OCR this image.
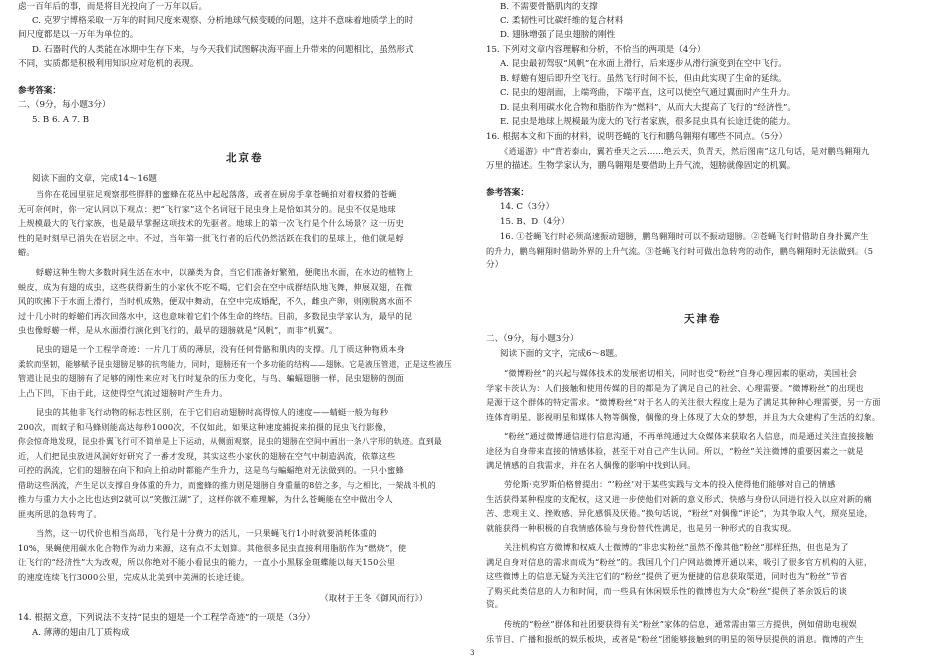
虑一百年后的事，而是将目光投向了一万年以后。
C. 克罗宁博格采取一万年的时间尺度来观察、分析地球气候变暖的问题，这并不意味着地质学上的时
间尺度都是以一万年为单位的。
D. 石器时代的人类能在冰期中生存下来，与今天我们试图解决海平面上升带来的问题相比，虽然形式
不同，实质都是积极利用知识应对危机的表现。
参考答案：
二、（9分，每小题3分）
5. B 6. A 7. B
北京卷
阅读下面的文章，完成14～16题
当你在花园里驻足观察那些胖胖的蜜蜂在花丛中起起落落，或者在厨房手拿苍蝇拍对着权猾的苍蝇
无可奈何时，你一定认同以下观点：把“飞行家”这个名词冠于昆虫身上是恰如其分的。昆虫不仅是地球
上规模最大的飞行家族，也是最早掌握这项技术的先驱者。地球上的第一次飞行是个什么场景？这一历史
性的是时刻早已消失在岩层之中。不过，当年第一批飞行者的后代仍然活跃在我们的星球上，他们就是蜉
蝣。
蜉蝣这种生物大多数时间生活在水中，以藻类为食，当它们准备好繁殖，便爬出水面，在水边的植物上
蜕皮，成为有翅的成虫，这些获得新生的小家伙不吃不喝，它们会在空中成群结队地飞舞，伸展双翅，在微
风的吹拂下于水面上滑行，当时机成熟，便双中舞动，在空中完成婚配，不久，雌虫产卵，则刚脱离水面不
过十几小时的蜉蝣们再次回落水中，这也意味着它们个体生命的终结。目前，多数昆虫学家认为，最早的昆
虫也像蜉蝣一样，是从水面滑行演化到飞行的，最早的翅膀就是“风帆”，而非“机翼”。
昆虫的翅是一个工程学奇迹：一片几丁质的薄层，没有任何骨骼和肌肉的支撑。几丁质这种物质本身
柔软而坚韧，能够赋予昆虫翅膀足够的抗弯能力，同时，翅膀还有一个多功能的结构——翅脉。它是液压管道，正是这些液压
管道让昆虫的翅膀有了足够的刚性来应对飞行时复杂的压力变化，与鸟、蝙蝠翅膀一样，昆虫翅膀的剖面
上凸下凹，下由于此，这使得空气流过翅膀时产生升力。
昆虫的其他非飞行动物的标志性区别，在于它们启动翅膀时高得惊人的速度——蜻蜓一般为每秒
200次，而蚊子和马蜂则能高达每秒1000次，不仅如此，如果这种速度捕捉来拍摄的昆虫飞行影像，
你会惊奇地发现，昆虫扑翼飞行可不简单是上下运动，从侧面观察，昆虫的翅膀在空间中画出一条八字形的轨迹。直到最
近，人们把昆虫放进风洞好好研究了一番才发现，其实这些小家伙的翅膀在空气中制造涡流，依靠这些
可控的涡流，它们的翅膀在向下和向上拍动时都能产生升力，这是鸟与蝙蝠绝对无法做到的。一只小蜜蜂
借助这些涡流，产生足以支撑自身体重的升力，而蜜蜂的推力则是翅膀自身重量的8倍之多，与之相比，一架战斗机的
推力与重力大小之比也达到2就可以“笑傲江湖”了，这样你就不难理解，为什么苍蝇能在空中做出令人
匪夷所思的急转弯了。
当然，这一切代价也相当高昂，飞行是十分费力的活儿，一只果蝇飞行1小时就要消耗体重的
10%，果蝇使用碳水化合物作为动力来源，这有点不太划算。其他很多昆虫直接利用脂肪作为“燃烧”，使
让飞行的“经济性”大为改观，所以你绝对不能小看昆虫的能力，一直小小黑豚金斑蝶能以每天150公里
的速度连续飞行3000公里，完成从北美到中美洲的长途迁徙。
（取材于王冬《御风而行》）
14. 根据文意，下列说法不支持“昆虫的翅是一个工程学奇迹”的一项是（3分）
A. 薄薄的翅由几丁质构成
B. 不需要骨骼肌肉的支撑
C. 柔韧性可比碳纤维的复合材料
D. 翅脉增强了昆虫翅膀的刚性
15. 下列对文章内容理解和分析，不恰当的两项是（4分）
A. 昆虫最初驾驭“风帆”在水面上滑行，后来逐步从滑行演变到在空中飞行。
B. 蜉蝣有翅后即升空飞行。虽然飞行时间不长，但由此实现了生命的延续。
C. 昆虫的翅剖面，上端弯曲，下端平直，这可以使空气通过翼面时产生升力。
D. 昆虫利用碳水化合物和脂肪作为“燃料”，从而大大提高了飞行的“经济性”。
E. 昆虫是地球上规模最为庞大的飞行者家族，很多昆虫具有长途迁徙的能力。
16. 根据本文和下面的材料，说明苍蝇的飞行和鹏鸟翱翔有哪些不同点。（5分）
《逍遥游》中“背若泰山，翼若垂天之云……绝云天，负青天，然后图南”这几句话，是对鹏鸟翱翔九
万里的描述。生物学家认为，鹏鸟翱翔是要借助上升气流，翅膀就像固定的机翼。
参考答案：
14. C（3分）
15. B、D（4分）
16. ①苍蝇飞行时必须高速振动翅膀，鹏鸟翱翔时可以不振动翅膀。②苍蝇飞行时借助自身扑翼产生
的升力，鹏鸟翱翔时借助外界的上升气流。③苍蝇飞行时可做出急转弯的动作，鹏鸟翱翔时无法做到。（5
分）
天津卷
二、（9分，每小题3分）
阅读下面的文字，完成6～8题。
“微博粉丝”的兴起与媒体技术的发展密切相关，同时也受“粉丝”自身心理因素的驱动，美国社会
学家卡茨认为：人们接触和使用传媒的目的都是为了满足自己的社会、心理需要。“微博粉丝”的出现也
是源于这个群体的特定需求。“微博粉丝”对于名人的关注很大程度上是为了满足其种种心理需要，另一方面
连体育明星、影视明星和媒体人物等偶像，偶像的身上体现了大众的梦想，并且为大众建构了生活的幻象。
“粉丝”通过微博通信进行信息沟通，不再单纯通过大众媒体来获取名人信息，而是通过关注直接接触
途径为自身带来直接的情感体验，甚至于对自己产生认同。所以，“粉丝”关注微博的重要因素之一就是
满足情感的自我需求，并在名人偶像的影响中找到认同。
劳伦斯·克罗斯伯格曾提出：“‘粉丝’对于某些实践与文本的投入使得他们能够对自己的情感
生活获得某种程度的支配权，这又进一步使他们对新的意义形式、快感与身份认同进行投入以应对新的痛
苦、悲观主义、挫败感、异化感惧及厌倦。”换句话说，“粉丝”对偶像“评论”，为其争取人气，照亮星途，
就能获得一种积极的自我情感体验与身份替代性满足，也是另一种形式的自我实现。
关注机构官方微博和权威人士微博的“非忠实粉丝”虽然不像其他“粉丝”那样狂热，但也是为了
满足自身对信息的需求而成为“粉丝”的。我国几个门户网站微博开通以来，吸引了很多官方机构的入驻，
这些微博上的信息无疑为关注它们的“粉丝”提供了更为便捷的信息获取渠道，同时也为“粉丝”节省
了购买此类信息的人力和时间，而一些具有休闲娱乐性的微博也为大众“粉丝”提供了茶余饭后的谈
资。
传统的“粉丝”群体和社团要获得有关“粉丝”家体的信息，通常需由第三方提供，例如借助电视娱
乐节目、广播和报纸的娱乐板块，或者是“粉丝”团能够接触到的明星的领导层提供的消息。微博的产生
3
